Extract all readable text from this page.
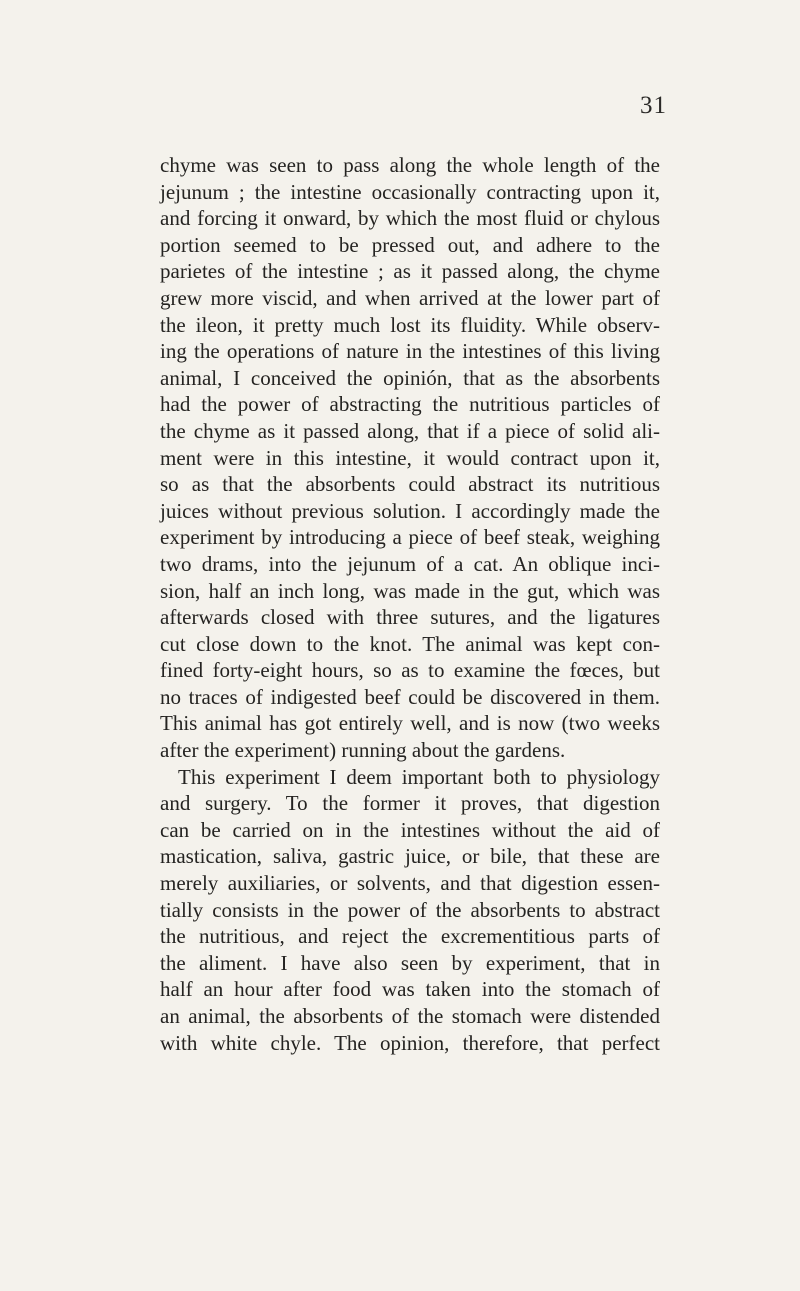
31
chyme was seen to pass along the whole length of the
jejunum ; the intestine occasionally contracting upon it,
and forcing it onward, by which the most fluid or chylous
portion seemed to be pressed out, and adhere to the
parietes of the intestine ; as it passed along, the chyme
grew more viscid, and when arrived at the lower part of
the ileon, it pretty much lost its fluidity. While observ-
ing the operations of nature in the intestines of this living
animal, I conceived the opinión, that as the absorbents
had the power of abstracting the nutritious particles of
the chyme as it passed along, that if a piece of solid ali-
ment were in this intestine, it would contract upon it,
so as that the absorbents could abstract its nutritious
juices without previous solution. I accordingly made the
experiment by introducing a piece of beef steak, weighing
two drams, into the jejunum of a cat. An oblique inci-
sion, half an inch long, was made in the gut, which was
afterwards closed with three sutures, and the ligatures
cut close down to the knot. The animal was kept con-
fined forty-eight hours, so as to examine the fœces, but
no traces of indigested beef could be discovered in them.
This animal has got entirely well, and is now (two weeks
after the experiment) running about the gardens.
This experiment I deem important both to physiology
and surgery. To the former it proves, that digestion
can be carried on in the intestines without the aid of
mastication, saliva, gastric juice, or bile, that these are
merely auxiliaries, or solvents, and that digestion essen-
tially consists in the power of the absorbents to abstract
the nutritious, and reject the excrementitious parts of
the aliment. I have also seen by experiment, that in
half an hour after food was taken into the stomach of
an animal, the absorbents of the stomach were distended
with white chyle. The opinion, therefore, that perfect
